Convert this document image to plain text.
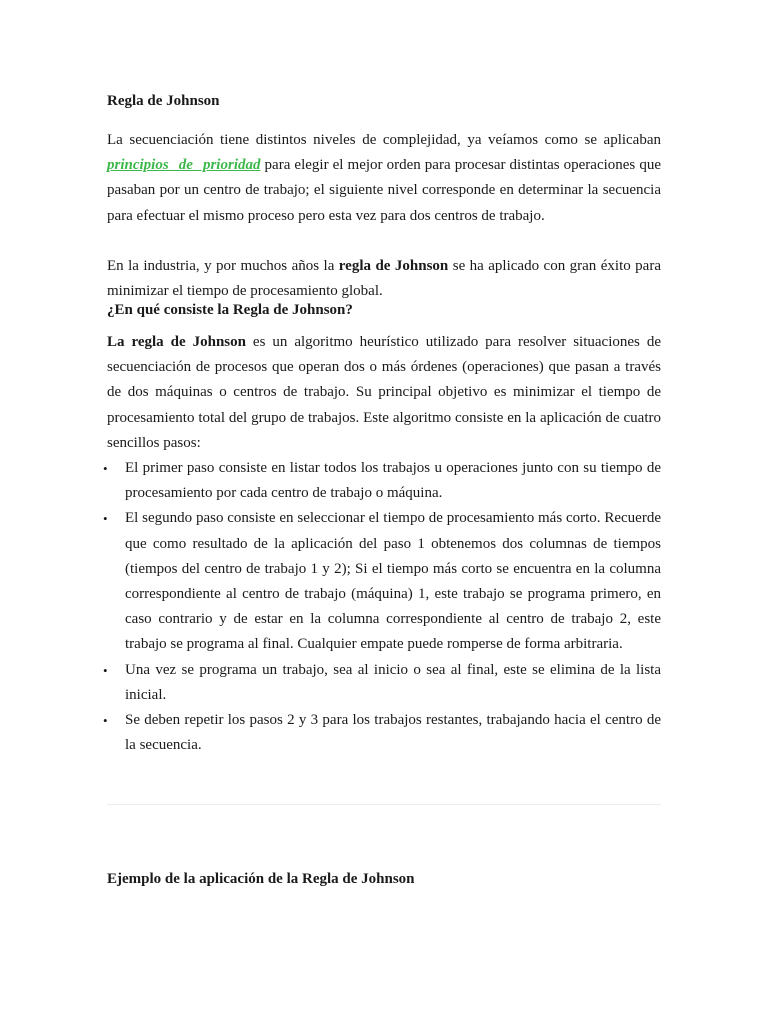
Regla de Johnson

La secuenciación tiene distintos niveles de complejidad, ya veíamos como se aplicaban principios de prioridad para elegir el mejor orden para procesar distintas operaciones que pasaban por un centro de trabajo; el siguiente nivel corresponde en determinar la secuencia para efectuar el mismo proceso pero esta vez para dos centros de trabajo.

En la industria, y por muchos años la regla de Johnson se ha aplicado con gran éxito para minimizar el tiempo de procesamiento global.

¿En qué consiste la Regla de Johnson?

La regla de Johnson es un algoritmo heurístico utilizado para resolver situaciones de secuenciación de procesos que operan dos o más órdenes (operaciones) que pasan a través de dos máquinas o centros de trabajo. Su principal objetivo es minimizar el tiempo de procesamiento total del grupo de trabajos. Este algoritmo consiste en la aplicación de cuatro sencillos pasos:

• El primer paso consiste en listar todos los trabajos u operaciones junto con su tiempo de procesamiento por cada centro de trabajo o máquina.
• El segundo paso consiste en seleccionar el tiempo de procesamiento más corto. Recuerde que como resultado de la aplicación del paso 1 obtenemos dos columnas de tiempos (tiempos del centro de trabajo 1 y 2); Si el tiempo más corto se encuentra en la columna correspondiente al centro de trabajo (máquina) 1, este trabajo se programa primero, en caso contrario y de estar en la columna correspondiente al centro de trabajo 2, este trabajo se programa al final. Cualquier empate puede romperse de forma arbitraria.
• Una vez se programa un trabajo, sea al inicio o sea al final, este se elimina de la lista inicial.
• Se deben repetir los pasos 2 y 3 para los trabajos restantes, trabajando hacia el centro de la secuencia.
Ejemplo de la aplicación de la Regla de Johnson
